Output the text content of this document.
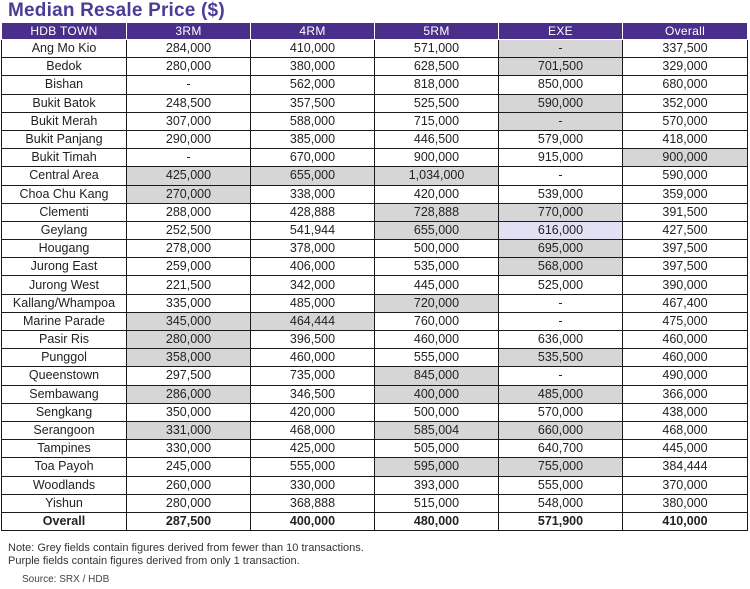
Median Resale Price ($)
HDB TOWN	3RM	4RM	5RM	EXE	Overall
Ang Mo Kio	284,000	410,000	571,000	-	337,500
Bedok	280,000	380,000	628,500	701,500	329,000
Bishan	-	562,000	818,000	850,000	680,000
Bukit Batok	248,500	357,500	525,500	590,000	352,000
Bukit Merah	307,000	588,000	715,000	-	570,000
Bukit Panjang	290,000	385,000	446,500	579,000	418,000
Bukit Timah	-	670,000	900,000	915,000	900,000
Central Area	425,000	655,000	1,034,000	-	590,000
Choa Chu Kang	270,000	338,000	420,000	539,000	359,000
Clementi	288,000	428,888	728,888	770,000	391,500
Geylang	252,500	541,944	655,000	616,000	427,500
Hougang	278,000	378,000	500,000	695,000	397,500
Jurong East	259,000	406,000	535,000	568,000	397,500
Jurong West	221,500	342,000	445,000	525,000	390,000
Kallang/Whampoa	335,000	485,000	720,000	-	467,400
Marine Parade	345,000	464,444	760,000	-	475,000
Pasir Ris	280,000	396,500	460,000	636,000	460,000
Punggol	358,000	460,000	555,000	535,500	460,000
Queenstown	297,500	735,000	845,000	-	490,000
Sembawang	286,000	346,500	400,000	485,000	366,000
Sengkang	350,000	420,000	500,000	570,000	438,000
Serangoon	331,000	468,000	585,004	660,000	468,000
Tampines	330,000	425,000	505,000	640,700	445,000
Toa Payoh	245,000	555,000	595,000	755,000	384,444
Woodlands	260,000	330,000	393,000	555,000	370,000
Yishun	280,000	368,888	515,000	548,000	380,000
Overall	287,500	400,000	480,000	571,900	410,000
Note: Grey fields contain figures derived from fewer than 10 transactions.
Purple fields contain figures derived from only 1 transaction.
Source: SRX / HDB
